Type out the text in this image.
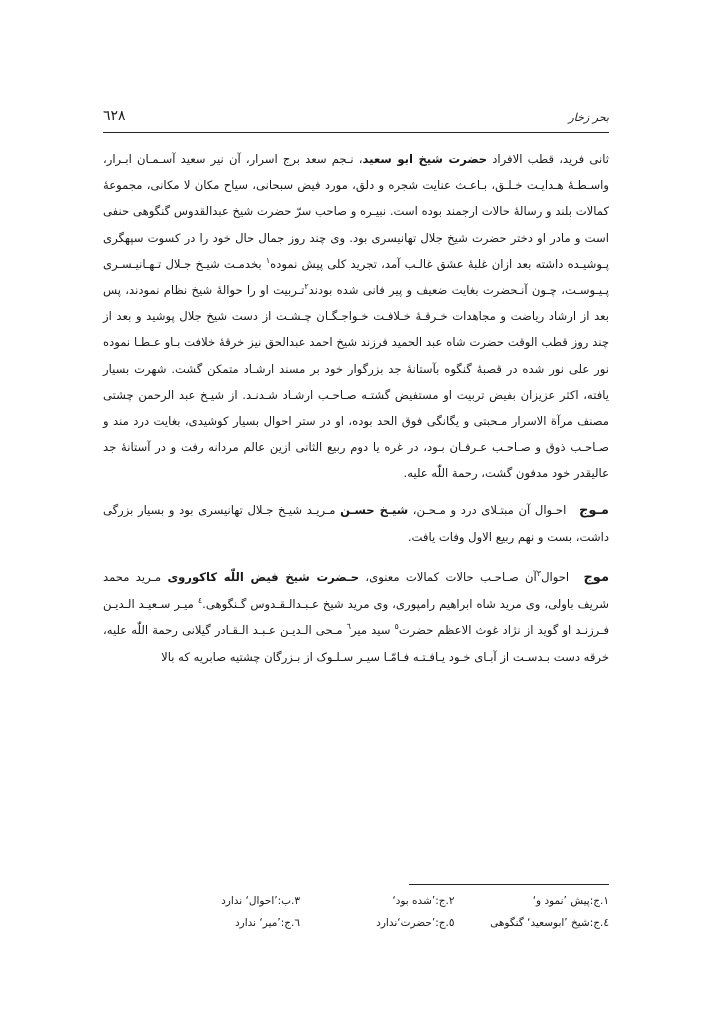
٦٢٨	بحر زخار

ثانی فرید، قطب الافراد حضرت شیخ ابو سعید، نـجم سعد برج اسرار، آن نیر سعید آسـمـان ابـرار، واسـطـهٔ هـدایـت خـلـق، بـاعـث عنایت شجره و دلق، مورد فیض سبحانی، سیاح مکان لا مکانی، مجموعهٔ کمالات بلند و رسالهٔ حالات ارجمند بوده است. نبیـره و صاحب سرّ حضرت شیخ عبدالقدوس گنگوهی حنفی است و مادر او دختر حضرت شیخ جلال تهانیسری بود. وی چند روز جمال حال خود را در کسوت سپهگری پـوشیـده داشته بعد ازان غلبهٔ عشق غالـب آمد، تجرید کلی پیش نموده$^١$ بخدمـت شیـخ جـلال تـهـانیـسـری پـیـوسـت، چـون آنـحضرت بغایت ضعیف و پیر فانی شده بودند$^٢$تـربیت او را حوالهٔ شیخ نظام نمودند، پس بعد از ارشاد ریاضت و مجاهدات خـرقـهٔ خـلافـت خـواجـگـان چـشـت از دست شیخ جلال پوشید و بعد از چند روز قطب الوقت حضرت شاه عبد الحمید فرزند شیخ احمد عبدالحق نیز خرقهٔ خلافت بـاو عـطـا نموده نور علی نور شده در قصبهٔ گنگوه بآستانهٔ جد بزرگوار خود بر مسند ارشـاد متمکن گشت. شهرت بسیار یافته، اکثر عزیزان بفیض تربیت او مستفیض گشتـه صـاحـب ارشـاد شـدنـد. از شیـخ عبد الرحمن چشتی مصنف مرآة الاسرار مـحبتی و یگانگی فوق الحد بوده، او در ستر احوال بسیار کوشیدی، بغایت درد مند و صـاحـب ذوق و صـاحـب عـرفـان بـود، در غره یا دوم ربیع الثانی ازین عالم مردانه رفت و در آستانهٔ جد عالیقدر خود مدفون گشت، رحمة اللّٰه علیه.

مـوج احـوال آن مبتـلای درد و مـحـن، شیـخ حسـن مـریـد شیـخ جـلال تهانیسری بود و بسیار بزرگی داشت، بست و نهم ربیع الاول وفات یافت.

موج احوال$^٣$آن صـاحـب حالات کمالات معنوی، حـضرت شیخ فیض اللّٰه کاکوروی مـرید محمد شریف باولی، وی مرید شاه ابراهیم رامپوری، وی مرید شیخ عـبـدالـقـدوس گـنگوهی.$^٤$ میـر سـعیـد الـدیـن فـرزنـد او گوید از نژاد غوث الاعظم حضرت$^٥$ سید میر$^٦$ مـحی الـدیـن عـبـد الـقـادر گیلانی رحمة اللّٰه علیه، خرقه دست بـدسـت از آبـای خـود یـافـتـه فـامّـا سیـر سـلـوک از بـزرگان چشتیه صابریه که بالا

١.ج:پیش ’نمود و‘
٢.ج:’شده بود‘
٣.ب:’احوال‘ ندارد
٤.ج:شیخ ’ابوسعید‘ گنگوهی
٥.ج:’حضرت‘ندارد
٦.ج:’میر‘ ندارد
